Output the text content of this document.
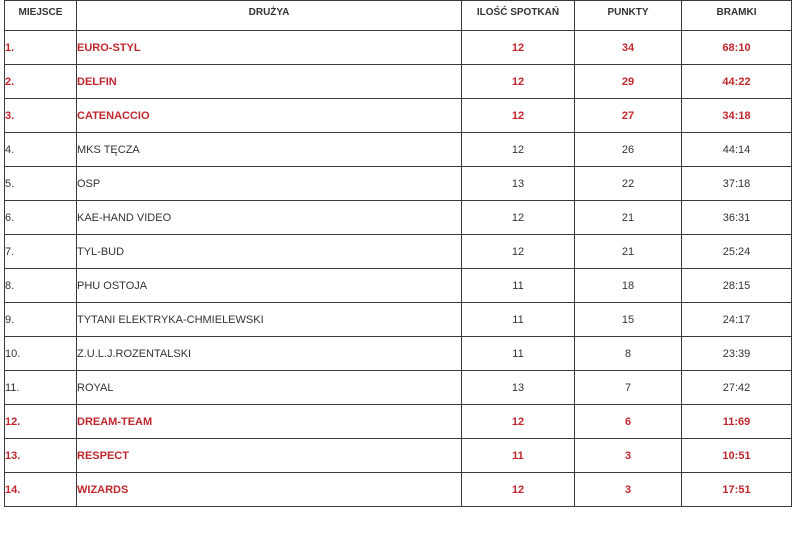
MIEJSCE	DRUŻYA	ILOŚĆ SPOTKAŃ	PUNKTY	BRAMKI
1.	EURO-STYL	12	34	68:10
2.	DELFIN	12	29	44:22
3.	CATENACCIO	12	27	34:18
4.	MKS TĘCZA	12	26	44:14
5.	OSP	13	22	37:18
6.	KAE-HAND VIDEO	12	21	36:31
7.	TYL-BUD	12	21	25:24
8.	PHU OSTOJA	11	18	28:15
9.	TYTANI ELEKTRYKA-CHMIELEWSKI	11	15	24:17
10.	Z.U.L.J.ROZENTALSKI	11	8	23:39
11.	ROYAL	13	7	27:42
12.	DREAM-TEAM	12	6	11:69
13.	RESPECT	11	3	10:51
14.	WIZARDS	12	3	17:51
